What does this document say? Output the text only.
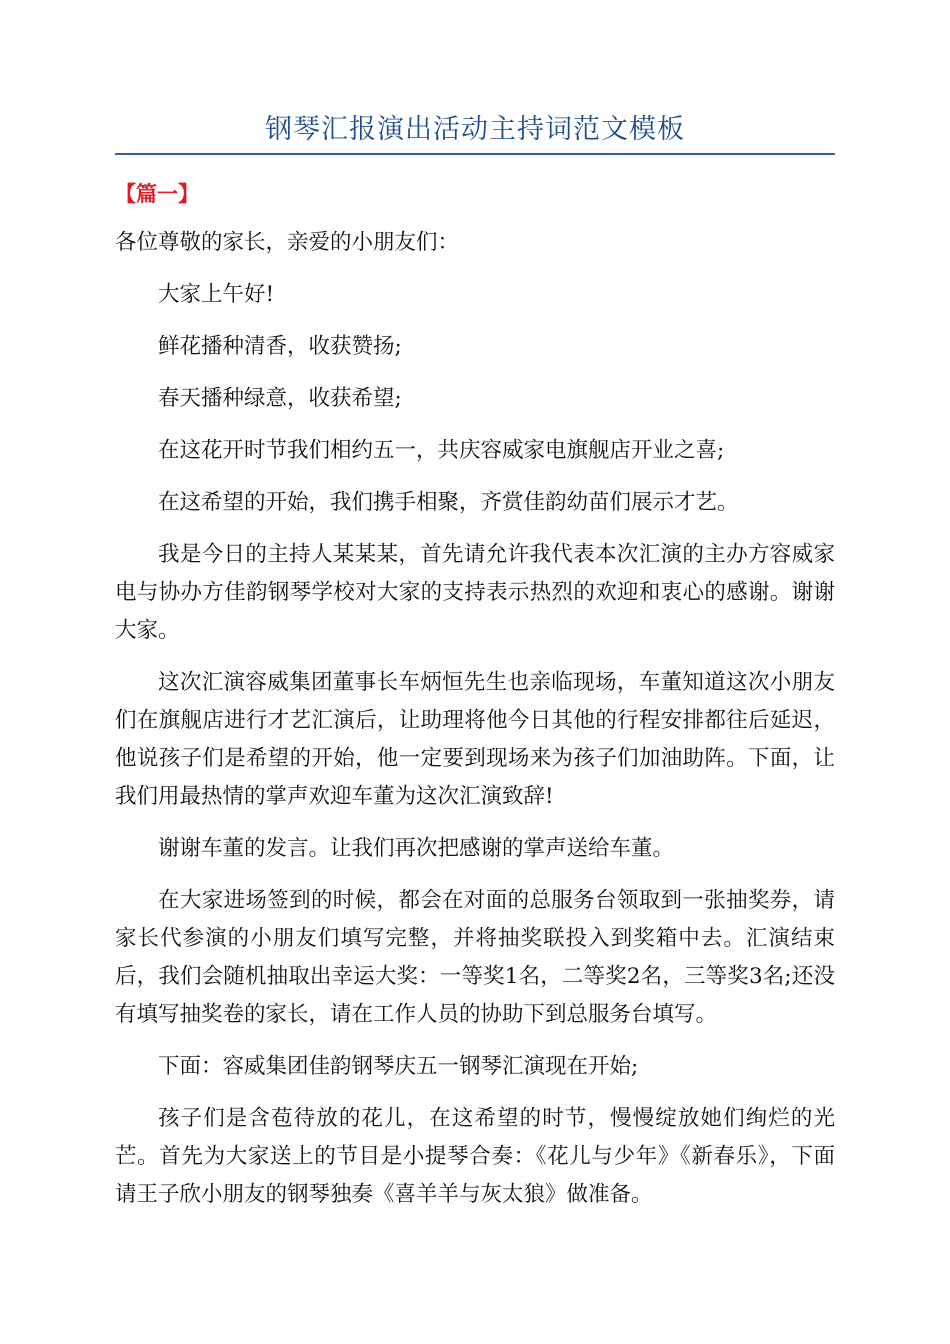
钢琴汇报演出活动主持词范文模板
【篇一】

各位尊敬的家长，亲爱的小朋友们：

大家上午好!

鲜花播种清香，收获赞扬;

春天播种绿意，收获希望;

在这花开时节我们相约五一，共庆容威家电旗舰店开业之喜;

在这希望的开始，我们携手相聚，齐赏佳韵幼苗们展示才艺。

我是今日的主持人某某某，首先请允许我代表本次汇演的主办方容威家电与协办方佳韵钢琴学校对大家的支持表示热烈的欢迎和衷心的感谢。谢谢大家。

这次汇演容威集团董事长车炳恒先生也亲临现场，车董知道这次小朋友们在旗舰店进行才艺汇演后，让助理将他今日其他的行程安排都往后延迟，他说孩子们是希望的开始，他一定要到现场来为孩子们加油助阵。下面，让我们用最热情的掌声欢迎车董为这次汇演致辞!

谢谢车董的发言。让我们再次把感谢的掌声送给车董。

在大家进场签到的时候，都会在对面的总服务台领取到一张抽奖券，请家长代参演的小朋友们填写完整，并将抽奖联投入到奖箱中去。汇演结束后，我们会随机抽取出幸运大奖：一等奖1名，二等奖2名，三等奖3名;还没有填写抽奖卷的家长，请在工作人员的协助下到总服务台填写。

下面：容威集团佳韵钢琴庆五一钢琴汇演现在开始;

孩子们是含苞待放的花儿，在这希望的时节，慢慢绽放她们绚烂的光芒。首先为大家送上的节目是小提琴合奏：《花儿与少年》《新春乐》，下面请王子欣小朋友的钢琴独奏《喜羊羊与灰太狼》做准备。
